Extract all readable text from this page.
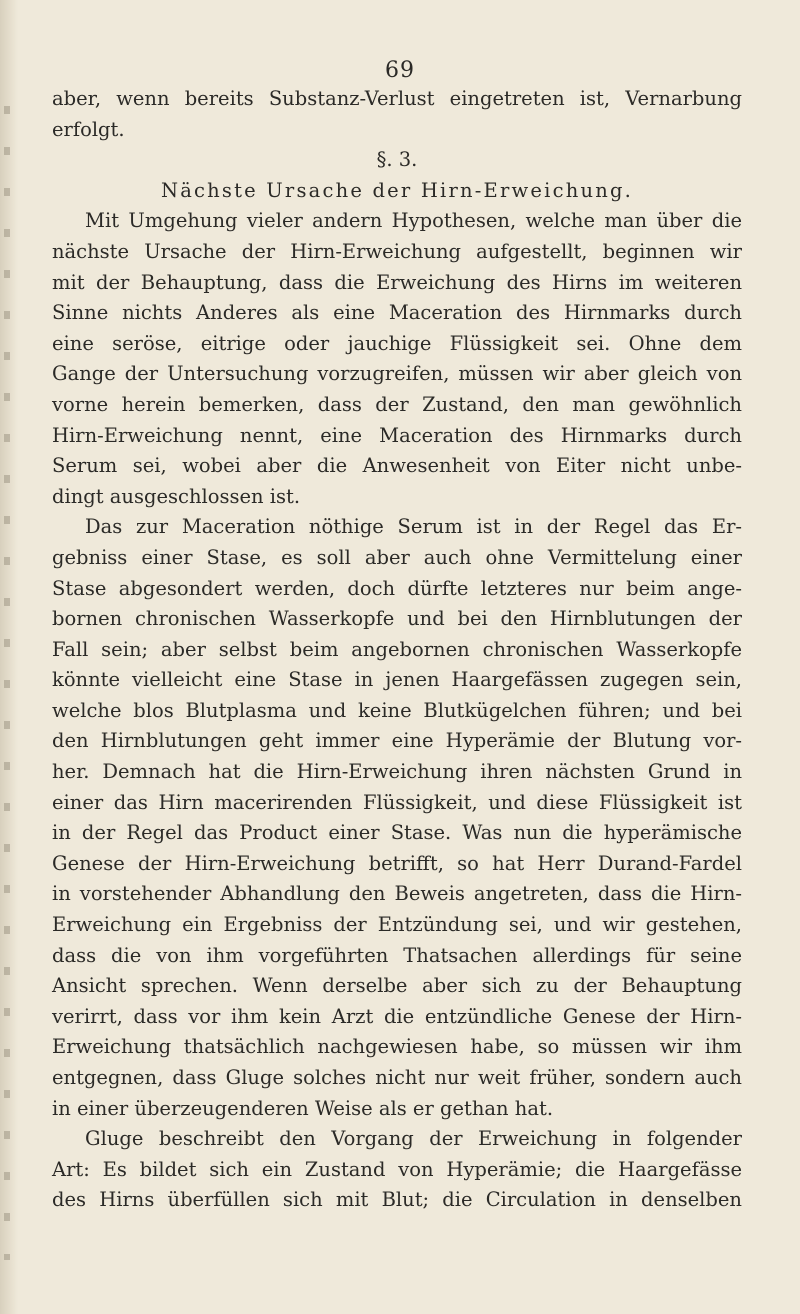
69
aber, wenn bereits Substanz-Verlust eingetreten ist, Vernarbung
erfolgt.
§. 3.
Nächste Ursache der Hirn-Erweichung.
Mit Umgehung vieler andern Hypothesen, welche man über die
nächste Ursache der Hirn-Erweichung aufgestellt, beginnen wir
mit der Behauptung, dass die Erweichung des Hirns im weiteren
Sinne nichts Anderes als eine Maceration des Hirnmarks durch
eine seröse, eitrige oder jauchige Flüssigkeit sei. Ohne dem
Gange der Untersuchung vorzugreifen, müssen wir aber gleich von
vorne herein bemerken, dass der Zustand, den man gewöhnlich
Hirn-Erweichung nennt, eine Maceration des Hirnmarks durch
Serum sei, wobei aber die Anwesenheit von Eiter nicht unbe-
dingt ausgeschlossen ist.
Das zur Maceration nöthige Serum ist in der Regel das Er-
gebniss einer Stase, es soll aber auch ohne Vermittelung einer
Stase abgesondert werden, doch dürfte letzteres nur beim ange-
bornen chronischen Wasserkopfe und bei den Hirnblutungen der
Fall sein; aber selbst beim angebornen chronischen Wasserkopfe
könnte vielleicht eine Stase in jenen Haargefässen zugegen sein,
welche blos Blutplasma und keine Blutkügelchen führen; und bei
den Hirnblutungen geht immer eine Hyperämie der Blutung vor-
her. Demnach hat die Hirn-Erweichung ihren nächsten Grund in
einer das Hirn macerirenden Flüssigkeit, und diese Flüssigkeit ist
in der Regel das Product einer Stase. Was nun die hyperämische
Genese der Hirn-Erweichung betrifft, so hat Herr Durand-Fardel
in vorstehender Abhandlung den Beweis angetreten, dass die Hirn-
Erweichung ein Ergebniss der Entzündung sei, und wir gestehen,
dass die von ihm vorgeführten Thatsachen allerdings für seine
Ansicht sprechen. Wenn derselbe aber sich zu der Behauptung
verirrt, dass vor ihm kein Arzt die entzündliche Genese der Hirn-
Erweichung thatsächlich nachgewiesen habe, so müssen wir ihm
entgegnen, dass Gluge solches nicht nur weit früher, sondern auch
in einer überzeugenderen Weise als er gethan hat.
Gluge beschreibt den Vorgang der Erweichung in folgender
Art: Es bildet sich ein Zustand von Hyperämie; die Haargefässe
des Hirns überfüllen sich mit Blut; die Circulation in denselben
